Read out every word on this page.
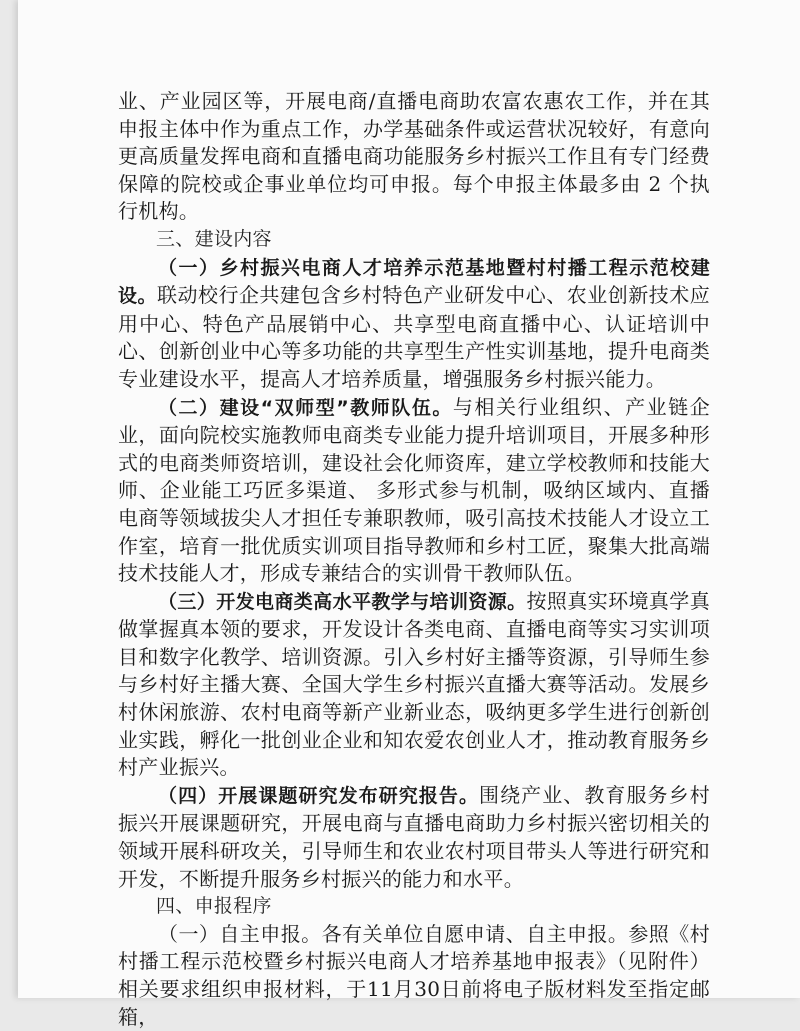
业、产业园区等，开展电商/直播电商助农富农惠农工作，并在其申报主体中作为重点工作，办学基础条件或运营状况较好，有意向更高质量发挥电商和直播电商功能服务乡村振兴工作且有专门经费保障的院校或企事业单位均可申报。每个申报主体最多由 2 个执行机构。

三、建设内容

（一）乡村振兴电商人才培养示范基地暨村村播工程示范校建设。联动校行企共建包含乡村特色产业研发中心、农业创新技术应用中心、特色产品展销中心、共享型电商直播中心、认证培训中心、创新创业中心等多功能的共享型生产性实训基地，提升电商类专业建设水平，提高人才培养质量，增强服务乡村振兴能力。

（二）建设“双师型”教师队伍。与相关行业组织、产业链企业，面向院校实施教师电商类专业能力提升培训项目，开展多种形式的电商类师资培训，建设社会化师资库，建立学校教师和技能大师、企业能工巧匠多渠道、 多形式参与机制，吸纳区域内、直播电商等领域拔尖人才担任专兼职教师，吸引高技术技能人才设立工作室，培育一批优质实训项目指导教师和乡村工匠，聚集大批高端技术技能人才，形成专兼结合的实训骨干教师队伍。

（三）开发电商类高水平教学与培训资源。按照真实环境真学真做掌握真本领的要求，开发设计各类电商、直播电商等实习实训项目和数字化教学、培训资源。引入乡村好主播等资源，引导师生参与乡村好主播大赛、全国大学生乡村振兴直播大赛等活动。发展乡村休闲旅游、农村电商等新产业新业态，吸纳更多学生进行创新创业实践，孵化一批创业企业和知农爱农创业人才，推动教育服务乡村产业振兴。

（四）开展课题研究发布研究报告。围绕产业、教育服务乡村振兴开展课题研究，开展电商与直播电商助力乡村振兴密切相关的领域开展科研攻关，引导师生和农业农村项目带头人等进行研究和开发，不断提升服务乡村振兴的能力和水平。

四、申报程序

（一）自主申报。各有关单位自愿申请、自主申报。参照《村村播工程示范校暨乡村振兴电商人才培养基地申报表》（见附件）相关要求组织申报材料，于11月30日前将电子版材料发至指定邮箱，
